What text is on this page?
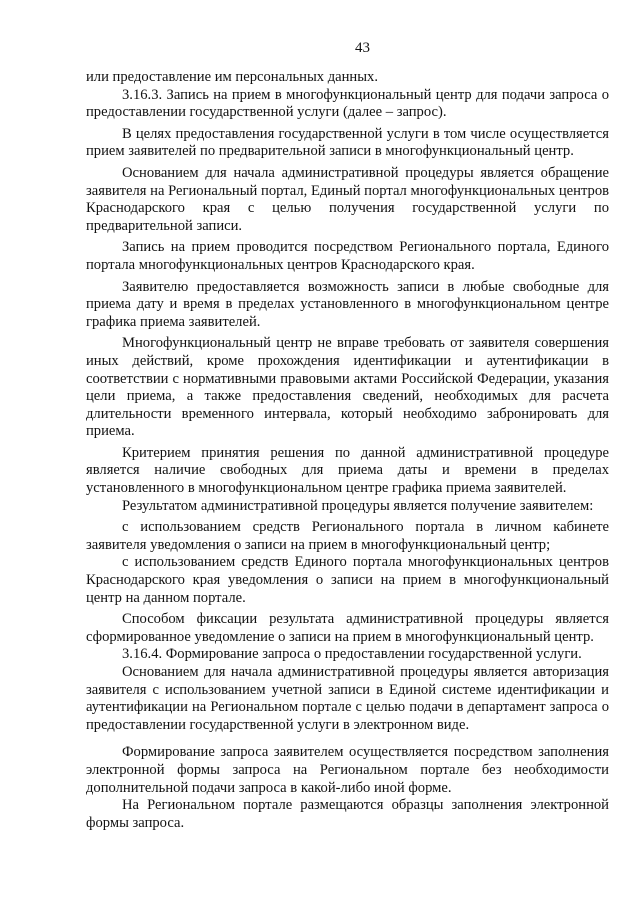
43

или предоставление им персональных данных.

3.16.3. Запись на прием в многофункциональный центр для подачи запроса о предоставлении государственной услуги (далее – запрос).

В целях предоставления государственной услуги в том числе осуществляется прием заявителей по предварительной записи в многофункциональный центр.

Основанием для начала административной процедуры является обращение заявителя на Региональный портал, Единый портал многофункциональных центров Краснодарского края с целью получения государственной услуги по предварительной записи.

Запись на прием проводится посредством Регионального портала, Единого портала многофункциональных центров Краснодарского края.

Заявителю предоставляется возможность записи в любые свободные для приема дату и время в пределах установленного в многофункциональном центре графика приема заявителей.

Многофункциональный центр не вправе требовать от заявителя совершения иных действий, кроме прохождения идентификации и аутентификации в соответствии с нормативными правовыми актами Российской Федерации, указания цели приема, а также предоставления сведений, необходимых для расчета длительности временного интервала, который необходимо забронировать для приема.

Критерием принятия решения по данной административной процедуре является наличие свободных для приема даты и времени в пределах установленного в многофункциональном центре графика приема заявителей.

Результатом административной процедуры является получение заявителем:

с использованием средств Регионального портала в личном кабинете заявителя уведомления о записи на прием в многофункциональный центр;

с использованием средств Единого портала многофункциональных центров Краснодарского края уведомления о записи на прием в многофункциональный центр на данном портале.

Способом фиксации результата административной процедуры является сформированное уведомление о записи на прием в многофункциональный центр.

3.16.4. Формирование запроса о предоставлении государственной услуги.

Основанием для начала административной процедуры является авторизация заявителя с использованием учетной записи в Единой системе идентификации и аутентификации на Региональном портале с целью подачи в департамент запроса о предоставлении государственной услуги в электронном виде.

Формирование запроса заявителем осуществляется посредством заполнения электронной формы запроса на Региональном портале без необходимости дополнительной подачи запроса в какой-либо иной форме.

На Региональном портале размещаются образцы заполнения электронной формы запроса.
